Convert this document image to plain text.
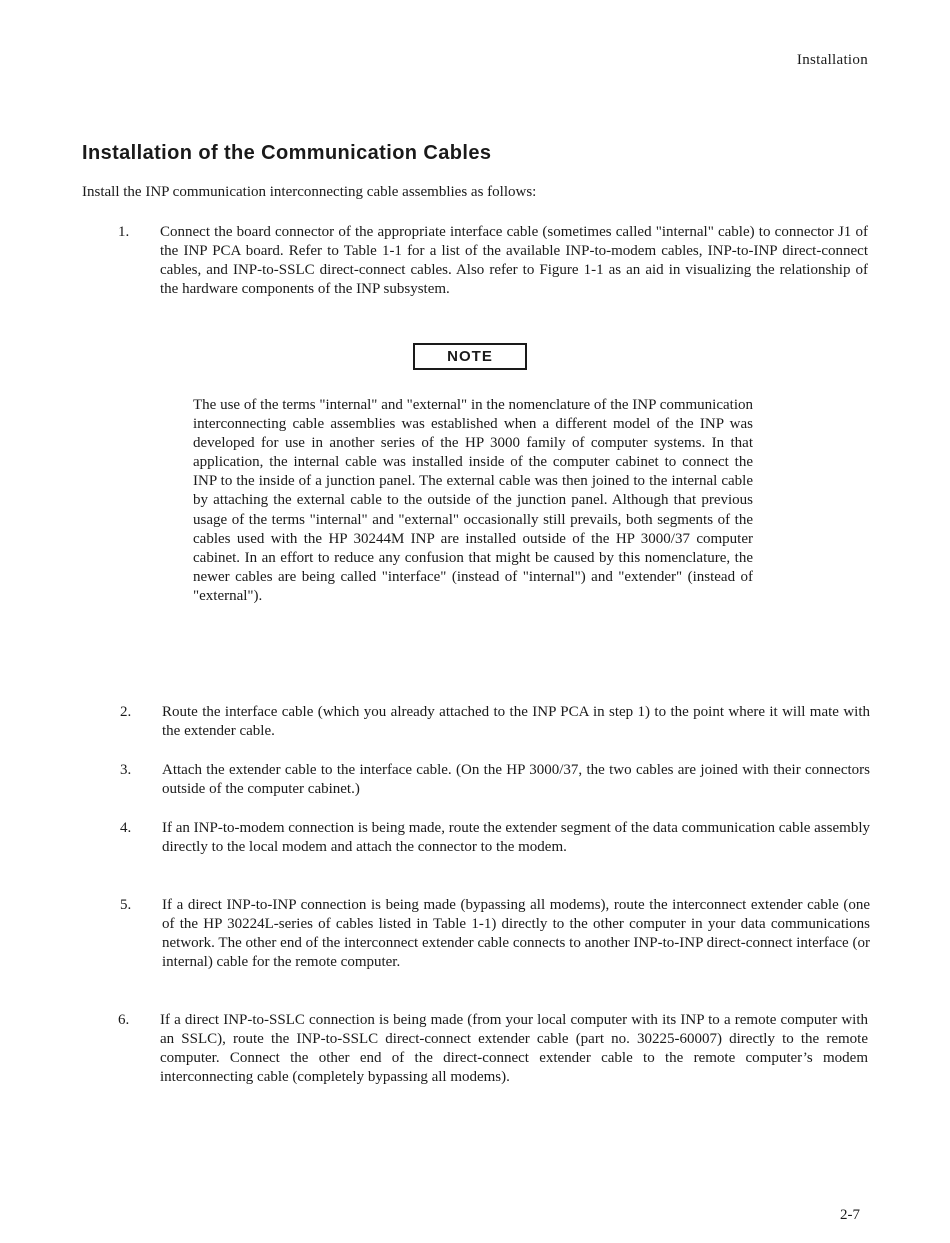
Installation
Installation of the Communication Cables

Install the INP communication interconnecting cable assemblies as follows:

1.	Connect the board connector of the appropriate interface cable (sometimes called "internal" cable) to connector J1 of the INP PCA board. Refer to Table 1-1 for a list of the available INP-to-modem cables, INP-to-INP direct-connect cables, and INP-to-SSLC direct-connect cables. Also refer to Figure 1-1 as an aid in visualizing the relationship of the hardware components of the INP subsystem.

NOTE

The use of the terms "internal" and "external" in the nomenclature of the INP communication interconnecting cable assemblies was established when a different model of the INP was developed for use in another series of the HP 3000 family of computer systems. In that application, the internal cable was installed inside of the computer cabinet to connect the INP to the inside of a junction panel. The external cable was then joined to the internal cable by attaching the external cable to the outside of the junction panel. Although that previous usage of the terms "internal" and "external" occasionally still prevails, both segments of the cables used with the HP 30244M INP are installed outside of the HP 3000/37 computer cabinet. In an effort to reduce any confusion that might be caused by this nomenclature, the newer cables are being called "interface" (instead of "internal") and "extender" (instead of "external").

2.	Route the interface cable (which you already attached to the INP PCA in step 1) to the point where it will mate with the extender cable.

3.	Attach the extender cable to the interface cable. (On the HP 3000/37, the two cables are joined with their connectors outside of the computer cabinet.)

4.	If an INP-to-modem connection is being made, route the extender segment of the data communication cable assembly directly to the local modem and attach the connector to the modem.

5.	If a direct INP-to-INP connection is being made (bypassing all modems), route the interconnect extender cable (one of the HP 30224L-series of cables listed in Table 1-1) directly to the other computer in your data communications network. The other end of the interconnect extender cable connects to another INP-to-INP direct-connect interface (or internal) cable for the remote computer.

6.	If a direct INP-to-SSLC connection is being made (from your local computer with its INP to a remote computer with an SSLC), route the INP-to-SSLC direct-connect extender cable (part no. 30225-60007) directly to the remote computer. Connect the other end of the direct-connect extender cable to the remote computer’s modem interconnecting cable (completely bypassing all modems).

2-7
